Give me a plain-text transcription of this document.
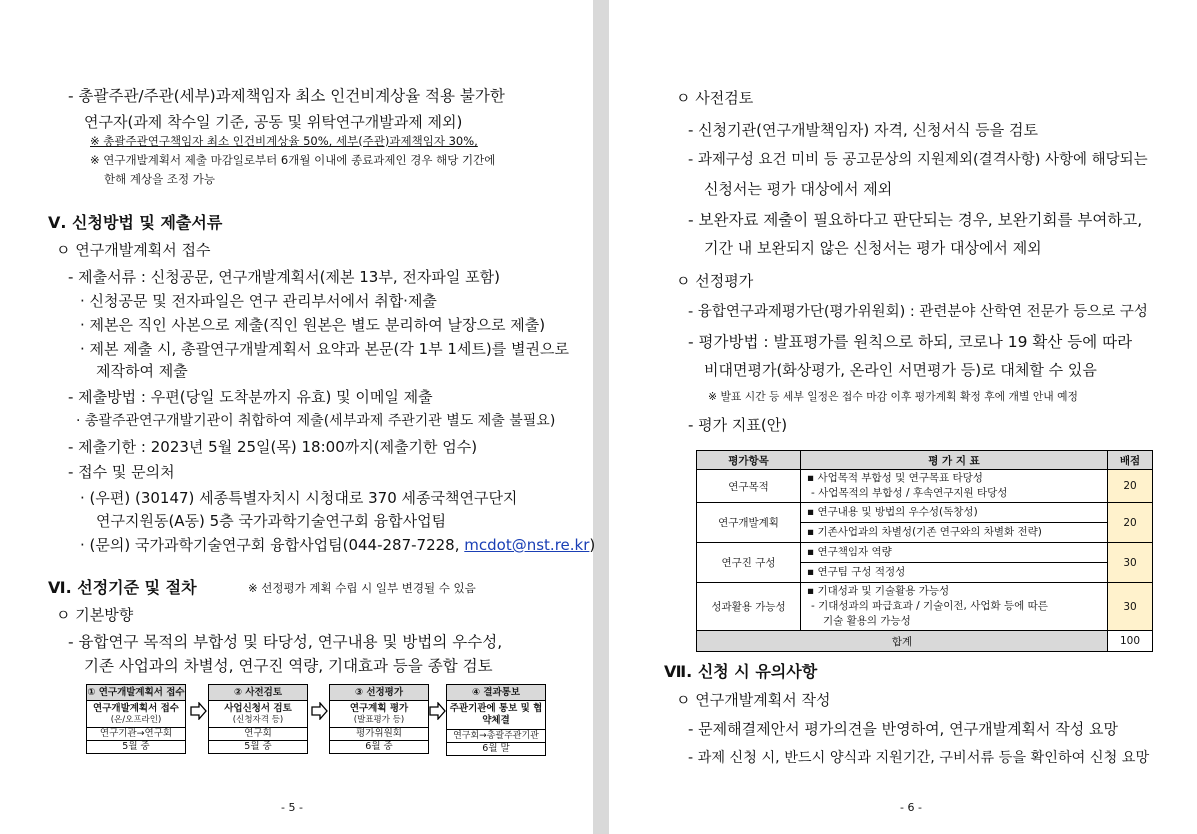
- 총괄주관/주관(세부)과제책임자 최소 인건비계상율 적용 불가한
연구자(과제 착수일 기준, 공동 및 위탁연구개발과제 제외)
※ 총괄주관연구책임자 최소 인건비계상율 50%, 세부(주관)과제책임자 30%,
※ 연구개발계획서 제출 마감일로부터 6개월 이내에 종료과제인 경우 해당 기간에
한해 계상을 조정 가능
Ⅴ. 신청방법 및 제출서류
ㅇ 연구개발계획서 접수
- 제출서류 : 신청공문, 연구개발계획서(제본 13부, 전자파일 포함)
· 신청공문 및 전자파일은 연구 관리부서에서 취합·제출
· 제본은 직인 사본으로 제출(직인 원본은 별도 분리하여 날장으로 제출)
· 제본 제출 시, 총괄연구개발계획서 요약과 본문(각 1부 1세트)를 별권으로
제작하여 제출
- 제출방법 : 우편(당일 도착분까지 유효) 및 이메일 제출
· 총괄주관연구개발기관이 취합하여 제출(세부과제 주관기관 별도 제출 불필요)
- 제출기한 : 2023년 5월 25일(목) 18:00까지(제출기한 엄수)
- 접수 및 문의처
· (우편) (30147) 세종특별자치시 시청대로 370 세종국책연구단지
연구지원동(A동) 5층 국가과학기술연구회 융합사업팀
· (문의) 국가과학기술연구회 융합사업팀(044-287-7228, mcdot@nst.re.kr)
Ⅵ. 선정기준 및 절차	※ 선정평가 계획 수립 시 일부 변경될 수 있음
ㅇ 기본방향
- 융합연구 목적의 부합성 및 타당성, 연구내용 및 방법의 우수성,
기존 사업과의 차별성, 연구진 역량, 기대효과 등을 종합 검토
① 연구개발계획서 접수
연구개발계획서 접수
(온/오프라인)
연구기관→연구회
5월 중
② 사전검토
사업신청서 검토
(신청자격 등)
연구회
5월 중
③ 선정평가
연구계획 평가
(발표평가 등)
평가위원회
6월 중
④ 결과통보
주관기관에 통보 및 협약체결
연구회→총괄주관기관
6월 말
- 5 -
ㅇ 사전검토
- 신청기관(연구개발책임자) 자격, 신청서식 등을 검토
- 과제구성 요건 미비 등 공고문상의 지원제외(결격사항) 사항에 해당되는
신청서는 평가 대상에서 제외
- 보완자료 제출이 필요하다고 판단되는 경우, 보완기회를 부여하고,
기간 내 보완되지 않은 신청서는 평가 대상에서 제외
ㅇ 선정평가
- 융합연구과제평가단(평가위원회) : 관련분야 산학연 전문가 등으로 구성
- 평가방법 : 발표평가를 원칙으로 하되, 코로나 19 확산 등에 따라
비대면평가(화상평가, 온라인 서면평가 등)로 대체할 수 있음
※ 발표 시간 등 세부 일정은 접수 마감 이후 평가계획 확정 후에 개별 안내 예정
- 평가 지표(안)
평가항목	평 가 지 표	배점
연구목적	▪ 사업목적 부합성 및 연구목표 타당성
- 사업목적의 부합성 / 후속연구지원 타당성	20
연구개발계획	▪ 연구내용 및 방법의 우수성(독창성)
▪ 기존사업과의 차별성(기존 연구와의 차별화 전략)	20
연구진 구성	▪ 연구책임자 역량
▪ 연구팀 구성 적정성	30
성과활용 가능성	▪ 기대성과 및 기술활용 가능성
- 기대성과의 파급효과 / 기술이전, 사업화 등에 따른
기술 활용의 가능성	30
합계		100
Ⅶ. 신청 시 유의사항
ㅇ 연구개발계획서 작성
- 문제해결제안서 평가의견을 반영하여, 연구개발계획서 작성 요망
- 과제 신청 시, 반드시 양식과 지원기간, 구비서류 등을 확인하여 신청 요망
- 6 -
